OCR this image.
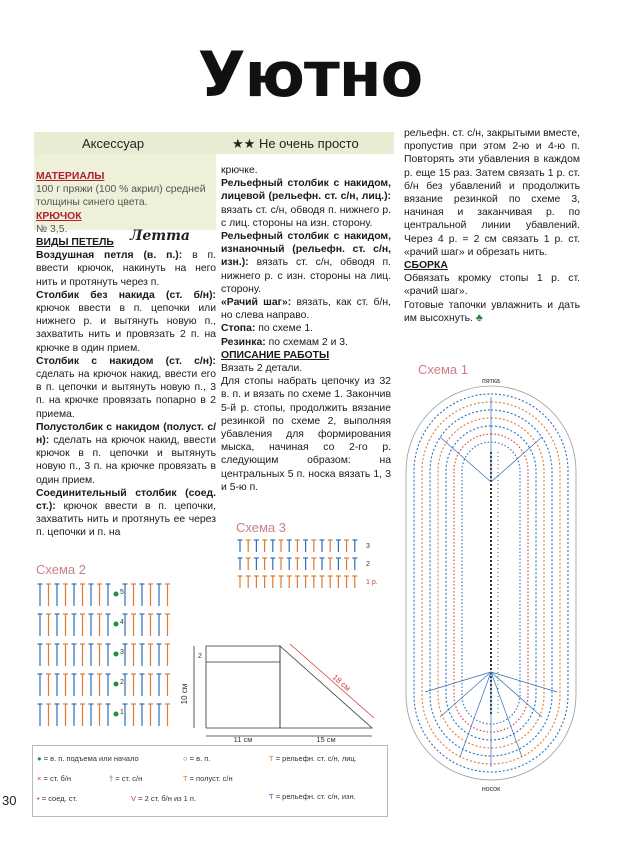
Уютно
Аксессуар	★★ Не очень просто

МАТЕРИАЛЫ

100 г пряжи (100 % акрил) средней толщины синего цвета.

КРЮЧОК

№ 3,5.

ВИДЫ ПЕТЕЛЬ

Воздушная петля (в. п.): в п. ввести крючок, накинуть на него нить и протянуть через п.

Столбик без накида (ст. б/н): крючок ввести в п. цепочки или нижнего р. и вытянуть новую п., захватить нить и провязать 2 п. на крючке в один прием.

Столбик с накидом (ст. с/н): сделать на крючок накид, ввести его в п. цепочки и вытянуть новую п., 3 п. на крючке провязать попарно в 2 приема.

Полустолбик с накидом (полуст. с/н): сделать на крючок накид, ввести крючок в п. цепочки и вытянуть новую п., 3 п. на крючке провязать в один прием.

Соединительный столбик (соед. ст.): крючок ввести в п. цепочки, захватить нить и протянуть ее через п. цепочки и п. на

Летта

крючке.

Рельефный столбик с накидом, лицевой (рельефн. ст. с/н, лиц.): вязать ст. с/н, обводя п. нижнего р. с лиц. стороны на изн. сторону.

Рельефный столбик с накидом, изнаночный (рельефн. ст. с/н, изн.): вязать ст. с/н, обводя п. нижнего р. с изн. стороны на лиц. сторону.

«Рачий шаг»: вязать, как ст. б/н, но слева направо.

Стопа: по схеме 1.

Резинка: по схемам 2 и 3.

ОПИСАНИЕ РАБОТЫ

Вязать 2 детали.

Для стопы набрать цепочку из 32 в. п. и вязать по схеме 1. Закончив 5-й р. стопы, продолжить вязание резинкой по схеме 2, выполняя убавления для формирования мыска, начиная со 2-го р. следующим образом: на центральных 5 п. носка вязать 1, 3 и 5-ю п.

рельефн. ст. с/н, закрытыми вместе, пропустив при этом 2-ю и 4-ю п. Повторять эти убавления в каждом р. еще 15 раз. Затем связать 1 р. ст. б/н без убавлений и продолжить вязание резинкой по схеме 3, начиная и заканчивая р. по центральной линии убавлений. Через 4 р. = 2 см связать 1 р. ст. «рачий шаг» и обрезать нить.

СБОРКА

Обвязать кромку стопы 1 р. ст. «рачий шаг».

Готовые тапочки увлажнить и дать им высохнуть. ♣

Схема 1
пятка
носок
Схема 2
5
4
3
2
1
Схема 3
3
2
1 р.
10 см
2
11 см	15 см
18 см
● = в. п. подъема или начало	○ = в. п.	Ƭ = рельефн. ст. с/н, лиц.
× = ст. б/н	† = ст. с/н	T = полуст. с/н
• = соед. ст.	V = 2 ст. б/н из 1 п.	Ƭ = рельефн. ст. с/н, изн.
30
